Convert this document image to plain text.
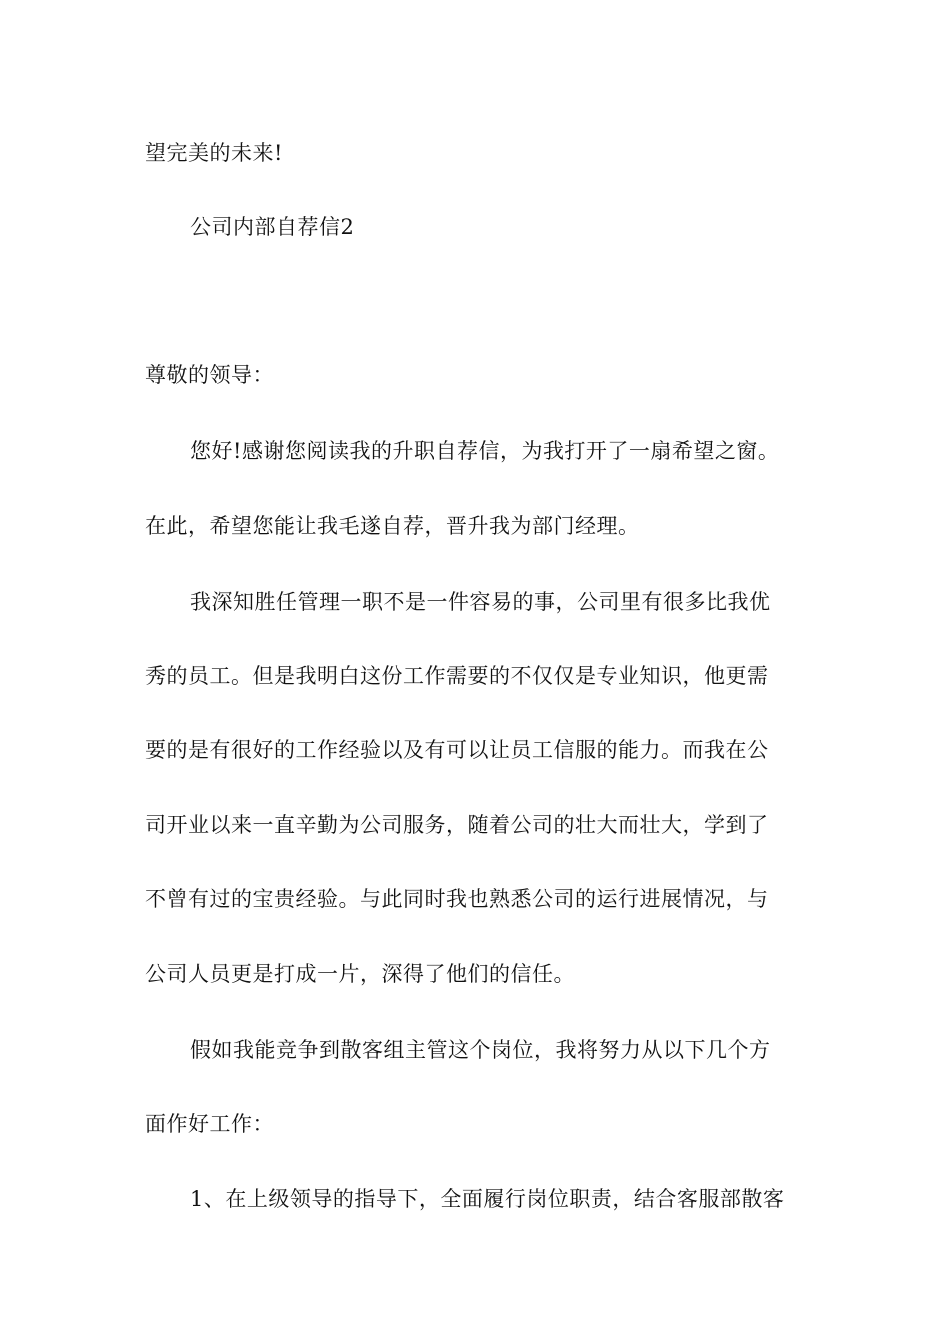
望完美的未来!
公司内部自荐信2
尊敬的领导：
您好!感谢您阅读我的升职自荐信，为我打开了一扇希望之窗。
在此，希望您能让我毛遂自荐，晋升我为部门经理。
我深知胜任管理一职不是一件容易的事，公司里有很多比我优
秀的员工。但是我明白这份工作需要的不仅仅是专业知识，他更需
要的是有很好的工作经验以及有可以让员工信服的能力。而我在公
司开业以来一直辛勤为公司服务，随着公司的壮大而壮大，学到了
不曾有过的宝贵经验。与此同时我也熟悉公司的运行进展情况，与
公司人员更是打成一片，深得了他们的信任。
假如我能竞争到散客组主管这个岗位，我将努力从以下几个方
面作好工作：
1、在上级领导的指导下，全面履行岗位职责，结合客服部散客
